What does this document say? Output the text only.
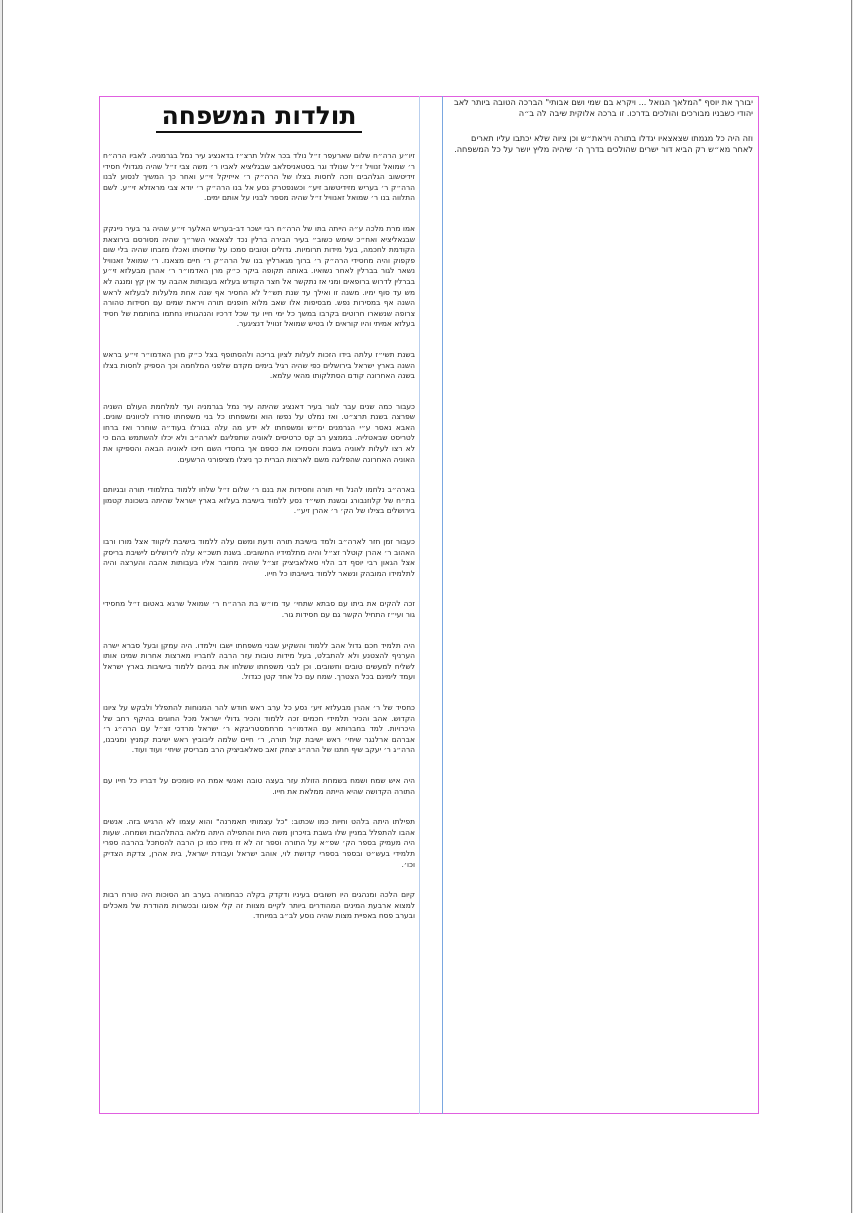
יבורך את יוסף "המלאך הגואל ... ויקרא בם שמי ושם אבותי" הברכה הטובה ביותר לאב יהודי כשבניו מבורכים והולכים בדרכו. זו ברכה אלוקית שיבה לה ב״ה

וזה היה כל מגמתו שצאצאיו יגדלו בתורה ויראת״ש וכן ציוה שלא יכתבו עליו תארים לאחר מא״ש רק הביא דור ישרים שהולכים בדרך ה׳ שיהיה מליץ יושר על כל המשפחה.

תולדות המשפחה

זיו״ע הרה״ח שלום שארעפר ז״ל נולד בכר אלול תרצ״ז בדאנציג עיר נמל בגרמניה. לאביו הרה״ח ר׳ שמואל זנוויל ז״ל שנולד וגר בסטאניסלאב שבגליציא לאביו ר׳ משה צבי ז״ל שהיה מגדולי חסידי זידיטשוב הגלהבים וזכה לחסות בצלו של הרה״ק ר׳ אייזיקל זי״ע ואחר כך המשיך לנסוע לבנו הרה״ק ר׳ בעריש מזידיטשוב זיע״ וכשנפטרק נסע אל בנו הרה״ק ר׳ יודא צבי מראזלא זי״ע. לשם התלווה בנו ר׳ שמואל זאנוויל ז״ל שהיה מספר לבניו על אותם ימים.

אמו מרת מלכה ע״ה הייתה בתו של הרה״ח רבי ישכר דב-בעריש האלער זי״ע שהיה גר בעיר ניינקק שבגאליציא ואח״כ שימש כשוב״ בעיר הבירה ברלין נכד לצאצאי השר״ך שהיה מסורסם בירוצאת הקודמת לחכמה, בעל מידות תרומיות. גדולים וטובים סמכו על שחיטתו ואכלו מזבחו שהיה בלי שום פקפוק והיה מחסידי הרה״ק ר׳ ברוך מגארליץ בנו של הרה״ק ר׳ חיים מצאנז. ר׳ שמואל זאנוויל נשאר לגור בברלין לאחר נשואיו. באותה תקופה ביקר כ״ק מרן האדמו״ר ר׳ אהרן מבעלזא זי״ע בברלין לדרוש ברופאים ומני אז נתקשר אל חצר הקודש בעלזא בעבותות אהבה עד אין קץ ומנגה לא מש עד סוף ימיו. משנה זו ואילך עד שנת תש״ל לא החסיר אף שנה אחת מלעלות לבעלזא לראש השנה אף במסירות נפש. מבסיפות אלו שאב מלוא חופנים תורה ויראת שמים עם חסידות טהורה צרופה שנשארו חרוטים בקרבו במשך כל ימי חייו עד שכל דרכיו והנהגותיו נחתמו בחותמת של חסיד בעלזא אמיתי והיו קוראים לו בטיש שמואל זנוויל דנציגער.

בשנת תשי״ז עלתה בידו הזכות לעלות לציון בריכה ולהסתופף בצל כ״ק מרן האדמו״ר זי״ע בראש השנה בארץ ישראל בירושלים כפי שהיה רגיל בימים מקדם שלפני המלחמה וכך הספיק לחסות בצלו בשנה האחרונה קודם הסתלקותו מהאי עלמא.

כעבור כמה שנים עבר לגור בעיר דאנציג שהיתה עיר נמל בגרמניה ועד למלחמת העולם השניה שפרצה בשנת תרצ״ט. ואז נמלט על נפשו הוא ומשפחתו כל בני משפחתו סודרו לכיוונים שונים. האבא נאסר ע״י הגרמנים ימ״ש ומשפחתו לא ידע מה עלה בגורלו בעוד״ה שוחרר ואז ברחו לטריסט שבאטליה. בממצע רב קס כרטיסים לאוניה שתפליגם לארה״ב ולא יכלו להשתמש בהם כי לא רצו לעלות לאוניה בשבת והסמיכו את כספם אך בחסדי השם חיכו לאוניה הבאה והספיקו את האוניה האחרונה שהפליגה משם לארצות הברית כך ניצלו מציפורני הרשעים.

בארה״ב נלחמו להנל חיי תורה וחסידות את בנם ר׳ שלום ז״ל שלחו ללמוד בתלמודי תורה ובגיותם בת״ח של קלוזנבורג ובשנת תשי״ד נסע ללמוד בישיבת בעלזא בארץ ישראל שהיתה בשכונת קטמון בירושלים בצילו של הק׳ ר׳ אהרן זיע״.

כעבור זמן חזר לארה״ב ולמד בישיבת תורה ודעת ומשם עלה ללמוד בישיבת ליקווד אצל מורו ורבו האהוב ר׳ אהרן קוטלר זצ״ל והיה מתלמידיו החשובים. בשנת תשכ״א עלה לירושלים לישיבת בריסק אצל הגאון רבי יוסף דב הלוי סאלאביציק זצ״ל שהיה מחובר אליו בעבותות אהבה והערצה והיה לתלמידו המובהק ונשאר ללמוד בישיבתו כל חייו.

זכה להקים את ביתו עם סבתא שתחי׳ עד מו״ש בת הרה״ח ר׳ שמואל שרגא באטום ז״ל מחסידי גור ועי״ז התחיל הקשר גם עם חסידות גור.

היה תלמיד חכם גדול אהב ללמוד והשקיע שבני משפחתו ישבו וילמדו. היה עמקן ובעל סברא ישרה הערניף להצטנע ולא להתבלט, בעל מידות טובות עזר הרבה לחבריו מארצות אחרות שמינו אותו לשליח למעשים טובים וחשובים. וכן לבני משפחתו ששלחו את בניהם ללמוד בישיבות בארץ ישראל ועמד לימינם בכל הצטרך. שמח עם כל אחד קטן כגדול.

כחסיד של ר׳ אהרן מבעלזא זיע׳ נסע כל ערב ראש חודש להר המנוחות להתפלל ולבקש על ציונו הקדוש. אהב והכיר תלמידי חכמים זכה ללמוד והכיר גדולי ישראל מכל החוגים בהיקף רחב של היכרויות. למד בחברותא עם האדמו״ר מרחמסטריבקא ר׳ ישראל מרדכי זצ״ל עם הרה״ג ר׳ אברהם ארלנגר שיחי׳ ראש ישיבת קול תורה, ר׳ חיים שלמה ליבוביץ ראש ישיבת קמניץ ומגיבנו, הרה״ג ר׳ יעקב שיף חתנו של הרה״ג יצחק זאב סאלאביציק הרב מבריסק שיחי׳ ועוד ועוד.

היה איש שמח ושמח בשמחת הזולת עזר בעצה טובה ואנשי אמת היו סומכים על דבריו כל חייו עם התורה הקדושה שהיא הייתה ממלאת את חייו.

תפילתו היתה בלהט וחיות כמו שכתוב: "כל עצמותי תאמרנה" והוא עצמו לא הרגיש בזה. אנשים אהבו להתפלל במניין שלו בשבת בזיכרון משה היות והתפילה היתה מלאה בהתלהבות ושמחה. שעות היה מעמיק בספר הק׳ שפ״א על התורה וספר זה לא זז מידו כמו כן הרבה להסתכל בהרבה ספרי תלמידי בעש״ט ובספר בספרי קדושת לוי, אוהב ישראל ועבודת ישראל, בית אהרן, צדקת הצדיק וכו׳.

קיום הלכה ומנהגים היו חשובים בעיניו ודקדק בקלה כבחמורה בערב חג הסוכות היה טורח רבות למצוא ארבעת המינים המהודרים ביותר לקיים מצוות זה קלי אפוגו ובכשרות מהודרת של מאכלים ובערב פסח באפיית מצות שהיה נוסע לב״ב במיוחד.
